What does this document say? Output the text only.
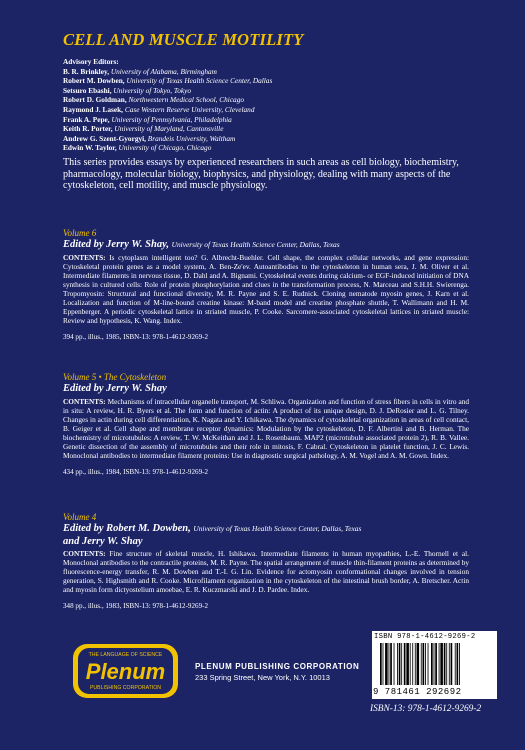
CELL AND MUSCLE MOTILITY
Advisory Editors:
B. R. Brinkley, University of Alabama, Birmingham
Robert M. Dowben, University of Texas Health Science Center, Dallas
Setsuro Ebashi, University of Tokyo, Tokyo
Robert D. Goldman, Northwestern Medical School, Chicago
Raymond J. Lasek, Case Western Reserve University, Cleveland
Frank A. Pepe, University of Pennsylvania, Philadelphia
Keith R. Porter, University of Maryland, Cantonsville
Andrew G. Szent-Gyorgyi, Brandeis University, Waltham
Edwin W. Taylor, University of Chicago, Chicago
This series provides essays by experienced researchers in such areas as cell biology, biochemistry, pharmacology, molecular biology, biophysics, and physiology, dealing with many aspects of the cytoskeleton, cell motility, and muscle physiology.
Volume 6
Edited by Jerry W. Shay, University of Texas Health Science Center, Dallas, Texas
CONTENTS: Is cytoplasm intelligent too? G. Albrecht-Buehler. Cell shape, the complex cellular networks, and gene expression: Cytoskeletal protein genes as a model system, A. Ben-Ze'ev. Autoantibodies to the cytoskeleton in human sera, J. M. Oliver et al. Intermediate filaments in nervous tissue, D. Dahl and A. Bignami. Cytoskeletal events during calcium- or EGF-induced initiation of DNA synthesis in cultured cells: Role of protein phosphorylation and clues in the transformation process, N. Marceau and S.H.H. Swierenga. Tropomyosin: Structural and functional diversity, M. R. Payne and S. E. Rudnick. Cloning nematode myosin genes, J. Karn et al. Localization and function of M-line-bound creatine kinase: M-band model and creatine phosphate shuttle, T. Wallimann and H. M. Eppenberger. A periodic cytoskeletal lattice in striated muscle, P. Cooke. Sarcomere-associated cytoskeletal lattices in striated muscle: Review and hypothesis, K. Wang. Index.
394 pp., illus., 1985, ISBN-13: 978-1-4612-9269-2
Volume 5 • The Cytoskeleton
Edited by Jerry W. Shay
CONTENTS: Mechanisms of intracellular organelle transport, M. Schliwa. Organization and function of stress fibers in cells in vitro and in situ: A review, H. R. Byers et al. The form and function of actin: A product of its unique design, D. J. DeRosier and L. G. Tilney. Changes in actin during cell differentiation, K. Nagata and Y. Ichikawa. The dynamics of cytoskeletal organization in areas of cell contact, B. Geiger et al. Cell shape and membrane receptor dynamics: Modulation by the cytoskeleton, D. F. Albertini and B. Herman. The biochemistry of microtubules: A review, T. W. McKeithan and J. L. Rosenbaum. MAP2 (microtubule associated protein 2), R. B. Vallee. Genetic dissection of the assembly of microtubules and their role in mitosis, F. Cabral. Cytoskeleton in platelet function, J. C. Lewis. Monoclonal antibodies to intermediate filament proteins: Use in diagnostic surgical pathology, A. M. Vogel and A. M. Gown. Index.
434 pp., illus., 1984, ISBN-13: 978-1-4612-9269-2
Volume 4
Edited by Robert M. Dowben, University of Texas Health Science Center, Dallas, Texas
and Jerry W. Shay
CONTENTS: Fine structure of skeletal muscle, H. Ishikawa. Intermediate filaments in human myopathies, L.-E. Thornell et al. Monoclonal antibodies to the contractile proteins, M. R. Payne. The spatial arrangement of muscle thin-filament proteins as determined by fluorescence-energy transfer, R. M. Dowben and T.-I. G. Lin. Evidence for actomyosin conformational changes involved in tension generation, S. Highsmith and R. Cooke. Microfilament organization in the cytoskeleton of the intestinal brush border, A. Bretscher. Actin and myosin form dictyostelium amoebae, E. R. Kuczmarski and J. D. Pardee. Index.
348 pp., illus., 1983, ISBN-13: 978-1-4612-9269-2
THE LANGUAGE OF SCIENCE
Plenum
PUBLISHING CORPORATION
PLENUM PUBLISHING CORPORATION
233 Spring Street, New York, N.Y. 10013
ISBN 978-1-4612-9269-2
9 781461 292692
ISBN-13: 978-1-4612-9269-2
